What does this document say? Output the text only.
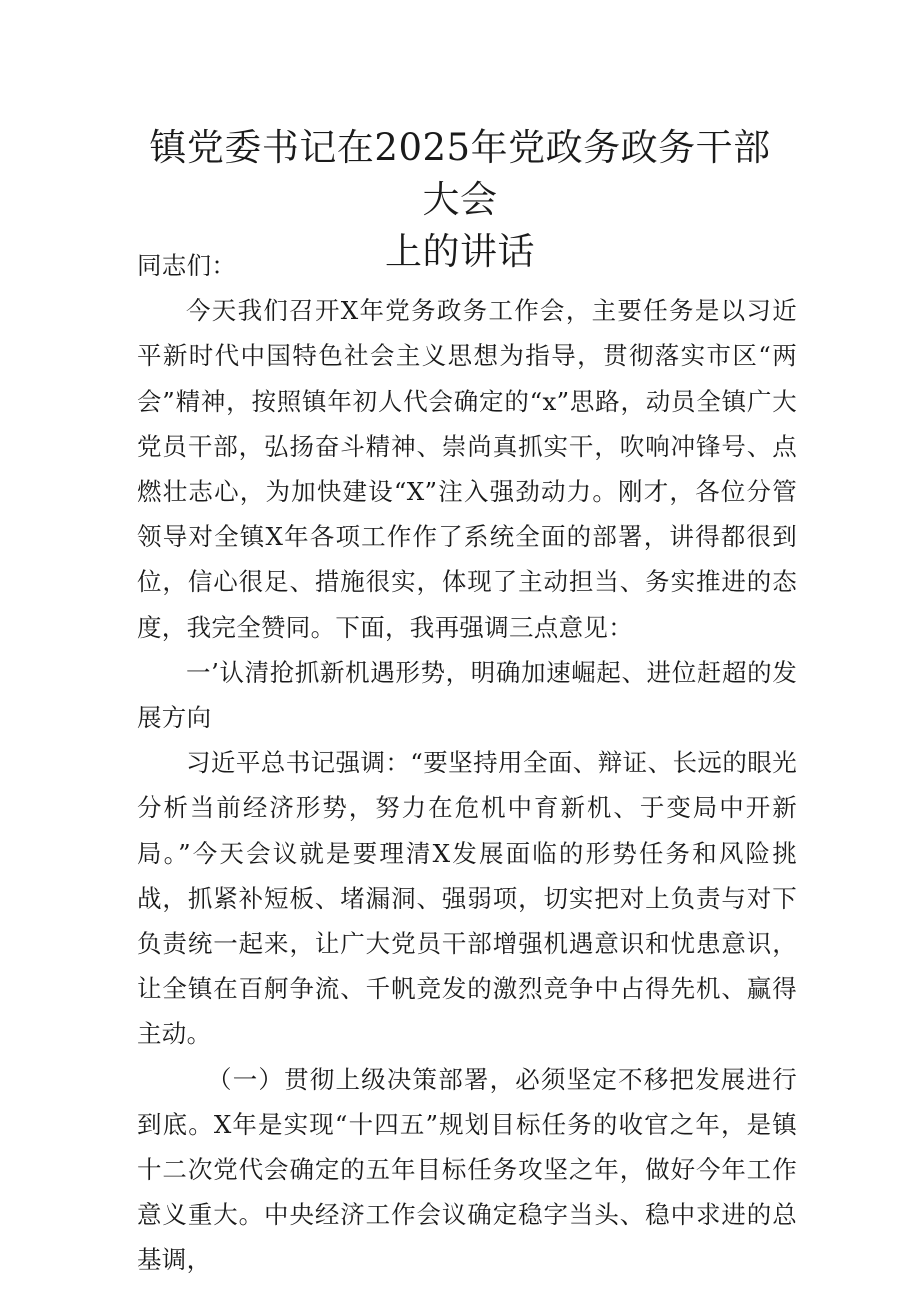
镇党委书记在2025年党政务政务干部大会
上的讲话

同志们：

今天我们召开X年党务政务工作会，主要任务是以习近平新时代中国特色社会主义思想为指导，贯彻落实市区“两会”精神，按照镇年初人代会确定的“x”思路，动员全镇广大党员干部，弘扬奋斗精神、崇尚真抓实干，吹响冲锋号、点燃壮志心，为加快建设“X”注入强劲动力。刚才，各位分管领导对全镇X年各项工作作了系统全面的部署，讲得都很到位，信心很足、措施很实，体现了主动担当、务实推进的态度，我完全赞同。下面，我再强调三点意见：

一’认清抢抓新机遇形势，明确加速崛起、进位赶超的发展方向

习近平总书记强调：“要坚持用全面、辩证、长远的眼光分析当前经济形势，努力在危机中育新机、于变局中开新局。”今天会议就是要理清X发展面临的形势任务和风险挑战，抓紧补短板、堵漏洞、强弱项，切实把对上负责与对下负责统一起来，让广大党员干部增强机遇意识和忧患意识，让全镇在百舸争流、千帆竞发的激烈竞争中占得先机、赢得主动。

（一）贯彻上级决策部署，必须坚定不移把发展进行到底。X年是实现“十四五”规划目标任务的收官之年，是镇十二次党代会确定的五年目标任务攻坚之年，做好今年工作意义重大。中央经济工作会议确定稳字当头、稳中求进的总基调，
